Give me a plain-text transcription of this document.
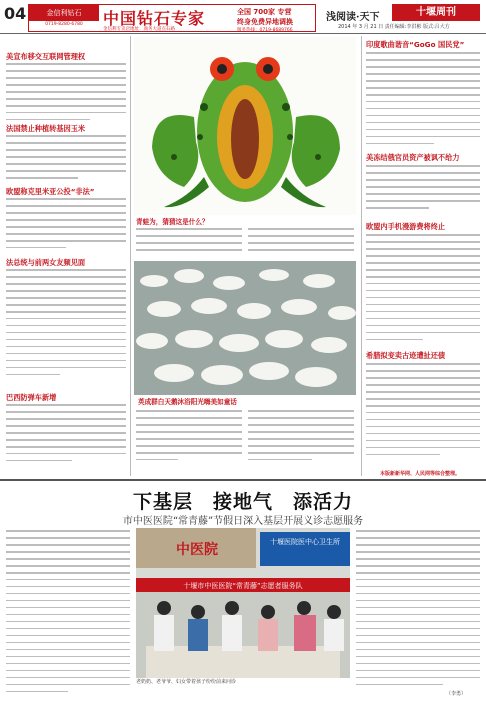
04	金信利钻石
0719-8280-6780	中国钻石专家	全国 700家 专营
终身免费异地调换
金信利专卖店地址：商务大道点石路	服务热线：0719-8689766
浅阅读·天下	十堰周刊
2014 年 3 月 21 日 责任编辑:李洪彬 版式:吕大方
美宣布移交互联网管理权
法国禁止种植转基因玉米
欧盟称克里米亚公投“非法”
法总统与前两女友频见面
巴西防弹车新增
青蛙为，猜猜这是什么？
英成群白天鹅沐浴阳光嗨美如童话
印度歌曲谐音“GoGo 国民党”
美冻结俄官员资产被讽不给力
欧盟内手机漫游费将终止
希腊拟变卖古迹遭扯还债
本版新新华网、人民网等综合整理。
下基层　接地气　添活力
市中医医院“常青藤”节假日深入基层开展义诊志愿服务
十堰医院医中心卫生所
中医院
十堰市中医医院“常青藤”志愿者服务队
老奶奶、老爷爷、妇女带着孩子纷纷前来问诊
（李勇）
